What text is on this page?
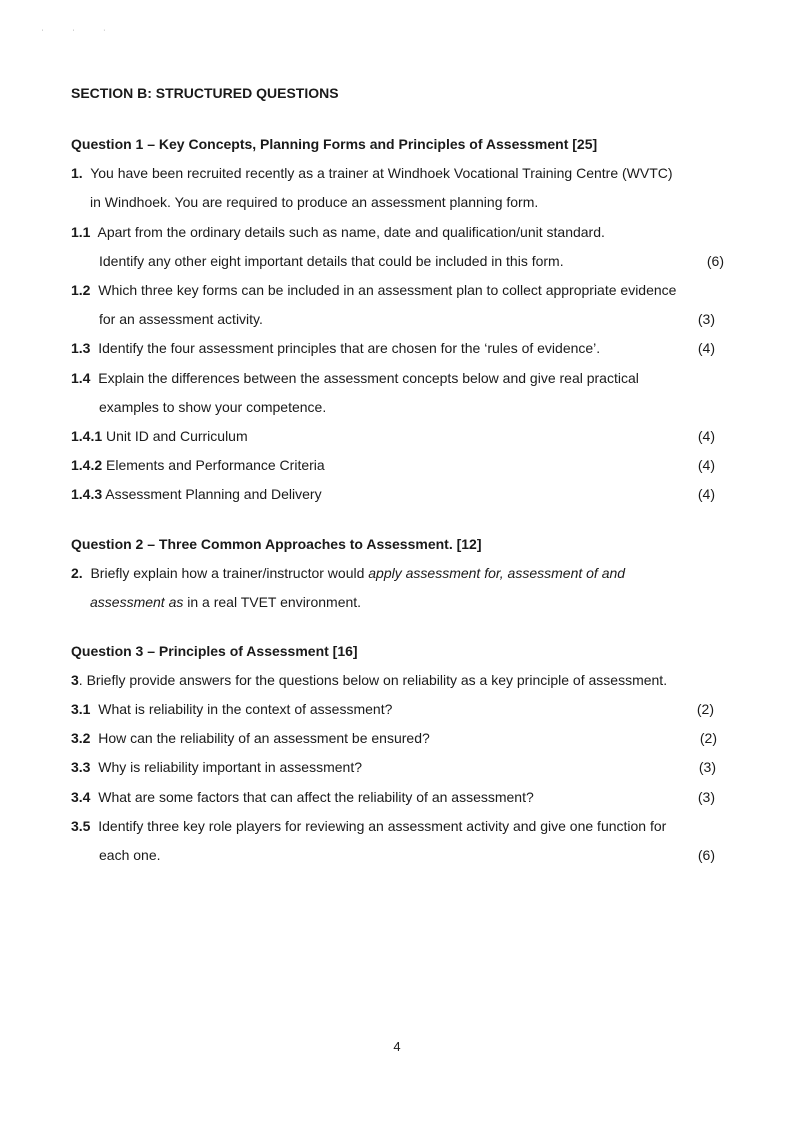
' ' '
SECTION B: STRUCTURED QUESTIONS
Question 1 – Key Concepts, Planning Forms and Principles of Assessment [25]
1. You have been recruited recently as a trainer at Windhoek Vocational Training Centre (WVTC)
in Windhoek. You are required to produce an assessment planning form.
1.1 Apart from the ordinary details such as name, date and qualification/unit standard.
Identify any other eight important details that could be included in this form.	(6)
1.2 Which three key forms can be included in an assessment plan to collect appropriate evidence
for an assessment activity.	(3)
1.3 Identify the four assessment principles that are chosen for the ‘rules of evidence’.	(4)
1.4 Explain the differences between the assessment concepts below and give real practical
examples to show your competence.
1.4.1 Unit ID and Curriculum	(4)
1.4.2 Elements and Performance Criteria	(4)
1.4.3 Assessment Planning and Delivery	(4)
Question 2 – Three Common Approaches to Assessment. [12]
2. Briefly explain how a trainer/instructor would apply assessment for, assessment of and
assessment as in a real TVET environment.
Question 3 – Principles of Assessment [16]
3. Briefly provide answers for the questions below on reliability as a key principle of assessment.
3.1 What is reliability in the context of assessment?	(2)
3.2 How can the reliability of an assessment be ensured?	(2)
3.3 Why is reliability important in assessment?	(3)
3.4 What are some factors that can affect the reliability of an assessment?	(3)
3.5 Identify three key role players for reviewing an assessment activity and give one function for
each one.	(6)
4
